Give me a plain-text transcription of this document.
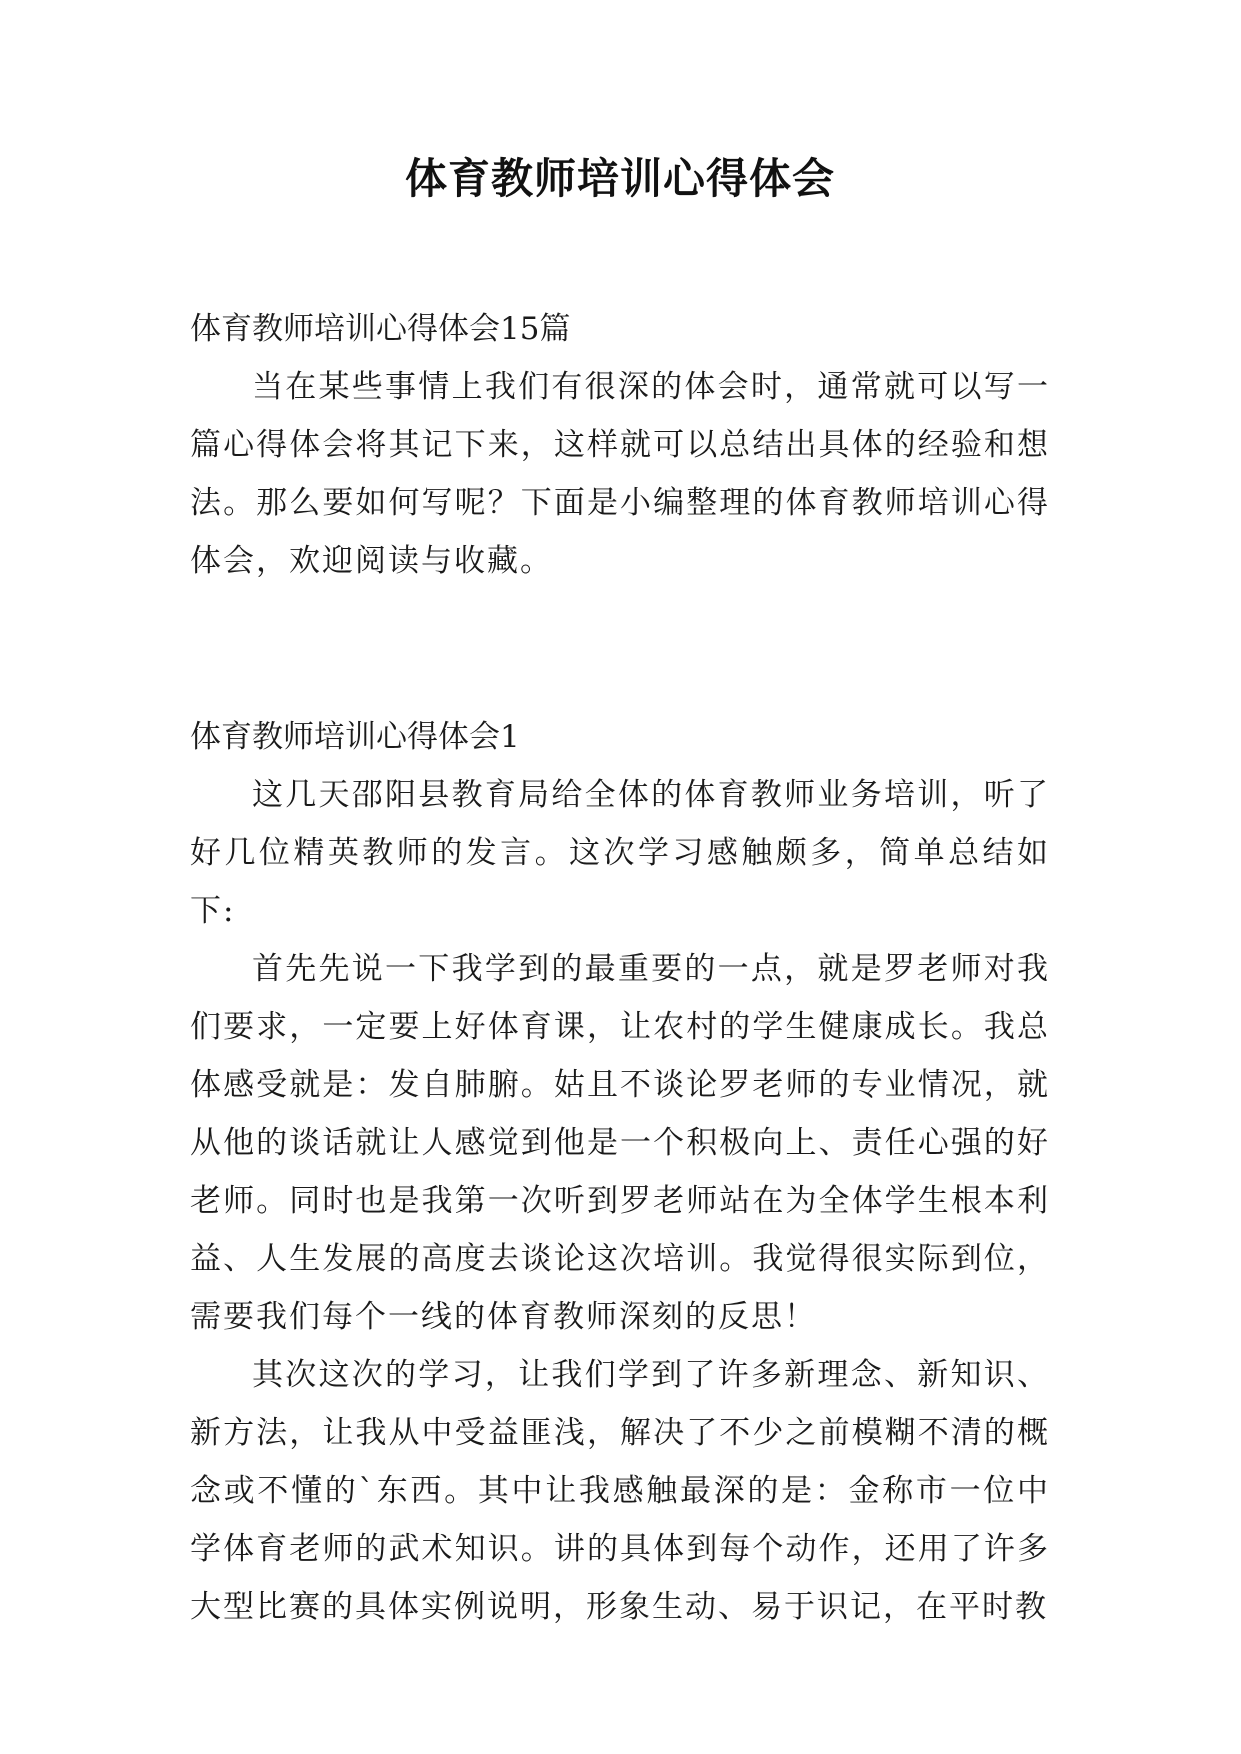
体育教师培训心得体会

体育教师培训心得体会15篇

当在某些事情上我们有很深的体会时，通常就可以写一篇心得体会将其记下来，这样就可以总结出具体的经验和想法。那么要如何写呢？下面是小编整理的体育教师培训心得体会，欢迎阅读与收藏。

体育教师培训心得体会1

这几天邵阳县教育局给全体的体育教师业务培训，听了好几位精英教师的发言。这次学习感触颇多，简单总结如下:

首先先说一下我学到的最重要的一点，就是罗老师对我们要求，一定要上好体育课，让农村的学生健康成长。我总体感受就是：发自肺腑。姑且不谈论罗老师的专业情况，就从他的谈话就让人感觉到他是一个积极向上、责任心强的好老师。同时也是我第一次听到罗老师站在为全体学生根本利益、人生发展的高度去谈论这次培训。我觉得很实际到位，需要我们每个一线的体育教师深刻的反思！

其次这次的学习，让我们学到了许多新理念、新知识、新方法，让我从中受益匪浅，解决了不少之前模糊不清的概念或不懂的`东西。其中让我感触最深的是：金称市一位中学体育老师的武术知识。讲的具体到每个动作，还用了许多大型比赛的具体实例说明，形象生动、易于识记，在平时教
